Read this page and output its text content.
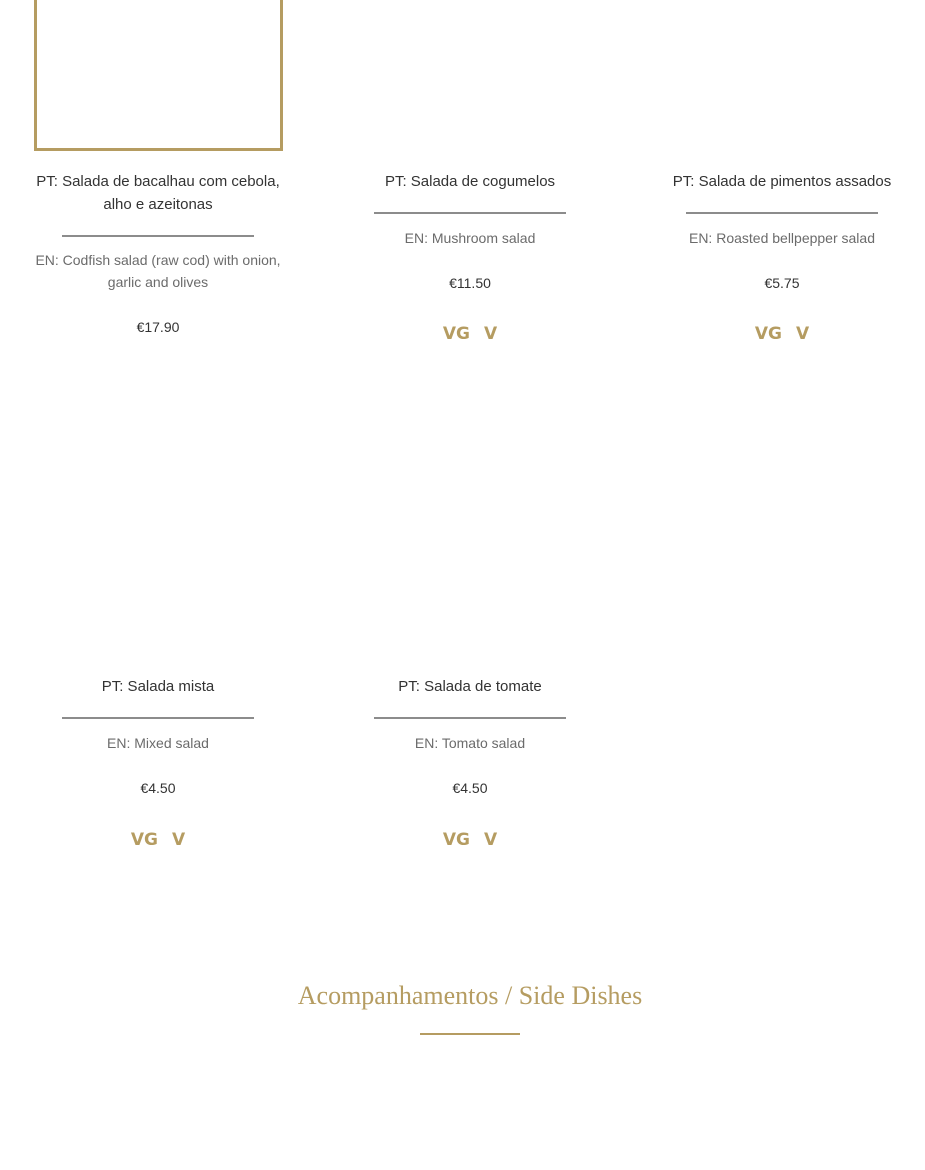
PT: Salada de bacalhau com cebola, alho e azeitonas

EN: Codfish salad (raw cod) with onion, garlic and olives

€17.90

PT: Salada de cogumelos

EN: Mushroom salad

€11.50

VG V

PT: Salada de pimentos assados

EN: Roasted bellpepper salad

€5.75

VG V

PT: Salada mista

EN: Mixed salad

€4.50

VG V

PT: Salada de tomate

EN: Tomato salad

€4.50

VG V
Acompanhamentos / Side Dishes
